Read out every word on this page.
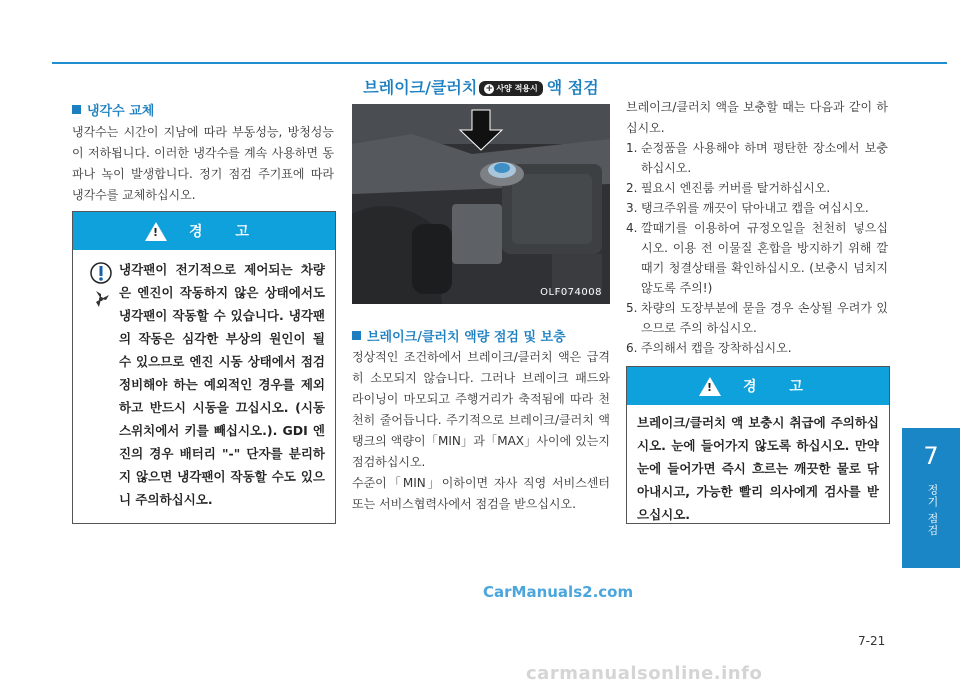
브레이크/클러치 + 사양 적용시 액 점검
냉각수 교체

냉각수는 시간이 지남에 따라 부동성능, 방청성능이 저하됩니다. 이러한 냉각수를 계속 사용하면 동파나 녹이 발생합니다. 정기 점검 주기표에 따라 냉각수를 교체하십시오.

! 경 고
냉각팬이 전기적으로 제어되는 차량은 엔진이 작동하지 않은 상태에서도 냉각팬이 작동할 수 있습니다. 냉각팬의 작동은 심각한 부상의 원인이 될 수 있으므로 엔진 시동 상태에서 점검 정비해야 하는 예외적인 경우를 제외하고 반드시 시동을 끄십시오. (시동 스위치에서 키를 빼십시오.). GDI 엔진의 경우 배터리 "-" 단자를 분리하지 않으면 냉각팬이 작동할 수도 있으니 주의하십시오.
OLF074008
브레이크/클러치 액량 점검 및 보충

정상적인 조건하에서 브레이크/클러치 액은 급격히 소모되지 않습니다. 그러나 브레이크 패드와 라이닝이 마모되고 주행거리가 축적됨에 따라 천천히 줄어듭니다. 주기적으로 브레이크/클러치 액 탱크의 액량이「MIN」과「MAX」사이에 있는지 점검하십시오.

수준이「MIN」이하이면 자사 직영 서비스센터 또는 서비스협력사에서 점검을 받으십시오.

브레이크/클러치 액을 보충할 때는 다음과 같이 하십시오.

1. 순정품을 사용해야 하며 평탄한 장소에서 보충 하십시오.
2. 필요시 엔진룸 커버를 탈거하십시오.
3. 탱크주위를 깨끗이 닦아내고 캡을 여십시오.
4. 깔때기를 이용하여 규정오일을 천천히 넣으십시오. 이용 전 이물질 혼합을 방지하기 위해 깔때기 청결상태를 확인하십시오. (보충시 넘치지 않도록 주의!)
5. 차량의 도장부분에 묻을 경우 손상될 우려가 있으므로 주의 하십시오.
6. 주의해서 캡을 장착하십시오.
! 경 고
브레이크/클러치 액 보충시 취급에 주의하십시오. 눈에 들어가지 않도록 하십시오. 만약 눈에 들어가면 즉시 흐르는 깨끗한 물로 닦아내시고, 가능한 빨리 의사에게 검사를 받으십시오.
7
정기 점검
CarManuals2.com
7-21
carmanualsonline.info
